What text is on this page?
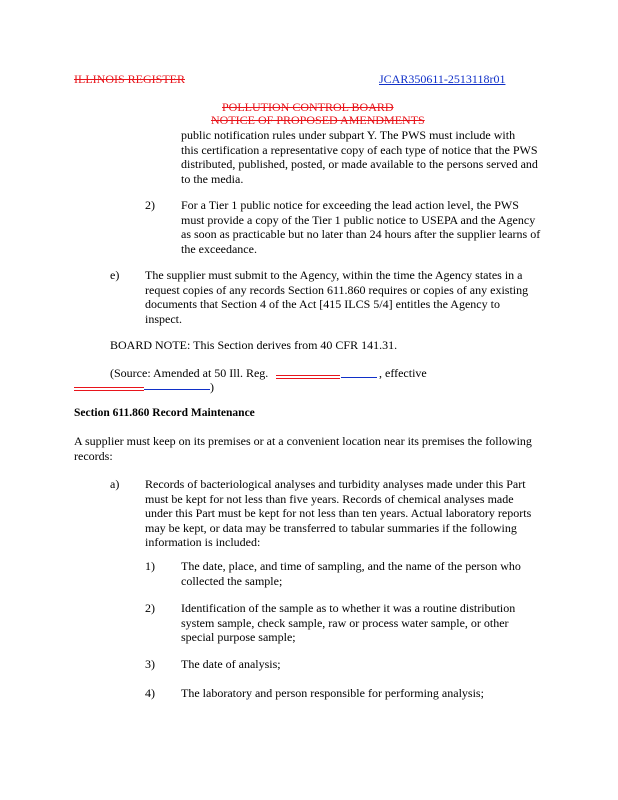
ILLINOIS REGISTER	JCAR350611-2513118r01
POLLUTION CONTROL BOARD
NOTICE OF PROPOSED AMENDMENTS
public notification rules under subpart Y. The PWS must include with
this certification a representative copy of each type of notice that the PWS
distributed, published, posted, or made available to the persons served and
to the media.
2) For a Tier 1 public notice for exceeding the lead action level, the PWS
must provide a copy of the Tier 1 public notice to USEPA and the Agency
as soon as practicable but no later than 24 hours after the supplier learns of
the exceedance.
e) The supplier must submit to the Agency, within the time the Agency states in a
request copies of any records Section 611.860 requires or copies of any existing
documents that Section 4 of the Act [415 ILCS 5/4] entitles the Agency to
inspect.
BOARD NOTE: This Section derives from 40 CFR 141.31.
(Source: Amended at 50 Ill. Reg.	, effective
)
Section 611.860 Record Maintenance
A supplier must keep on its premises or at a convenient location near its premises the following
records:
a) Records of bacteriological analyses and turbidity analyses made under this Part
must be kept for not less than five years. Records of chemical analyses made
under this Part must be kept for not less than ten years. Actual laboratory reports
may be kept, or data may be transferred to tabular summaries if the following
information is included:
1) The date, place, and time of sampling, and the name of the person who
collected the sample;
2) Identification of the sample as to whether it was a routine distribution
system sample, check sample, raw or process water sample, or other
special purpose sample;
3) The date of analysis;
4) The laboratory and person responsible for performing analysis;
